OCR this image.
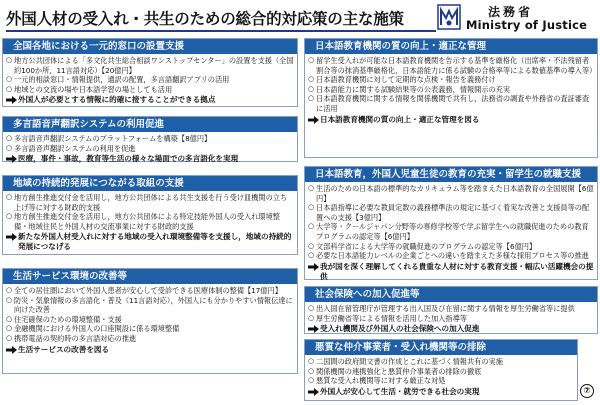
外国人材の受入れ・共生のための総合的対応策の主な施策	法務省
Ministry of Justice
全国各地における一元的窓口の設置支援
○ 地方公共団体による「多文化共生総合相談ワンストップセンター」の設置を支援（全国約100か所，11言語対応）【20億円】
○ 一元的相談窓口・情報提供，通訳の配置，多言語翻訳アプリの活用
○ 地域との交流の場や日本語学習の場としても活用
外国人が必要とする情報に的確に接することができる拠点
多言語音声翻訳システムの利用促進
○ 多言語音声翻訳システムのプラットフォームを構築【8億円】
○ 多言語音声翻訳システムの利用を促進
医療，事件・事故，教育等生活の様々な場面での多言語化を実現
地域の持続的発展につながる取組の支援
○ 地方創生推進交付金を活用し，地方公共団体による共生支援を行う受け皿機関の立ち上げ等に対する財政的支援
○ 地方創生推進交付金を活用し，地方公共団体による特定技能外国人の受入れ環境整備・地域住民と外国人材の交流事業に対する財政的支援
新たな外国人材受入れに対する地域の受入れ環境整備等を支援し，地域の持続的発展につなげる
生活サービス環境の改善等
○ 全ての居住圏において外国人患者が安心して受診できる医療体制の整備【17億円】
○ 防災・気象情報の多言語化・普及（11言語対応），外国人にも分かりやすい情報伝達に向けた改善
○ 住宅確保のための環境整備・支援
○ 金融機関における外国人の口座開設に係る環境整備
○ 携帯電話の契約時の多言語対応の推進
生活サービスの改善を図る
日本語教育機関の質の向上・適正な管理
○ 留学生受入れが可能な日本語教育機関を告示する基準を厳格化（出席率・不法残留者割合等の抹消基準厳格化，日本語能力に係る試験の合格率等による数値基準の導入等）
○ 日本語教育機関に対して定期的な点検・報告を義務付け
○ 日本語能力に関する試験結果等の公表義務，情報開示の充実
○ 日本語教育機関に関する情報を関係機関で共有し，法務省の調査や外務省の査証審査に活用
日本語教育機関の質の向上・適正な管理を図る
日本語教育，外国人児童生徒の教育の充実・留学生の就職支援
○ 生活のための日本語の標準的なカリキュラム等を踏まえた日本語教育の全国展開【6億円】
○ 日本語指導に必要な教員定数の義務標準法の規定に基づく着実な改善と支援員等の配置への支援【3億円】
○ 大学等・クールジャパン分野等の専修学校等で学ぶ留学生への就職促進のための教育プログラムの認定等【6億円】
○ 文部科学省による大学等の就職促進のプログラムの認定等【6億円】
○ 必要な日本語能力レベルの企業ごとへの違いを踏まえた多様な採用プロセス等の推進
我が国を深く理解してくれる貴重な人材に対する教育支援・幅広い活躍機会の提供
社会保険への加入促進等
○ 出入国在留管理庁が管理する出入国及び在留に関する情報を厚生労働省等に提供
○ 厚生労働省等による情報を活用した加入指導等
受入れ機関及び外国人の社会保険への加入促進
悪質な仲介事業者・受入れ機関等の排除
○ 二国間の政府間文書の作成とこれに基づく情報共有の実施
○ 関係機関の連携強化と悪質仲介事業者の排除の徹底
○ 悪質な受入れ機関等に対する厳正な対処
外国人が安心して生活・就労できる社会の実現	⑦
